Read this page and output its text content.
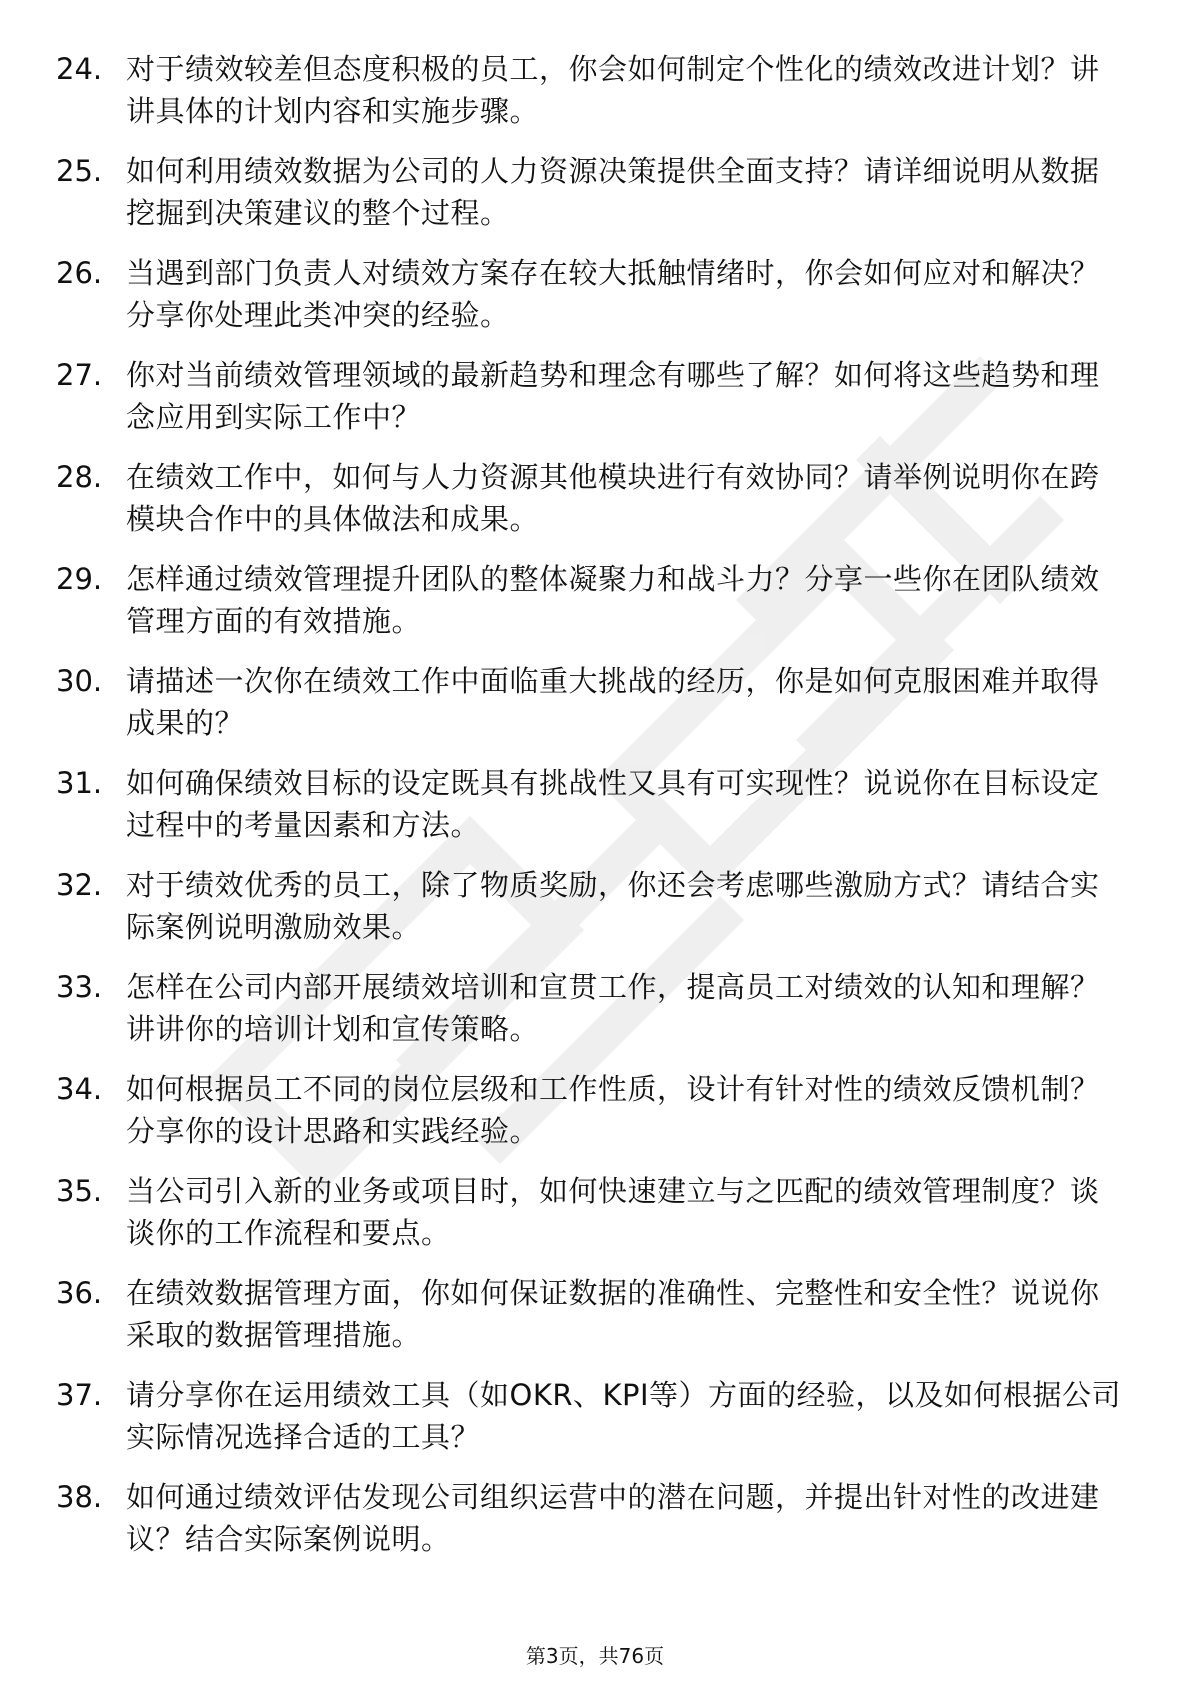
24. 对于绩效较差但态度积极的员工，你会如何制定个性化的绩效改进计划？讲讲具体的计划内容和实施步骤。
25. 如何利用绩效数据为公司的人力资源决策提供全面支持？请详细说明从数据挖掘到决策建议的整个过程。
26. 当遇到部门负责人对绩效方案存在较大抵触情绪时，你会如何应对和解决？分享你处理此类冲突的经验。
27. 你对当前绩效管理领域的最新趋势和理念有哪些了解？如何将这些趋势和理念应用到实际工作中？
28. 在绩效工作中，如何与人力资源其他模块进行有效协同？请举例说明你在跨模块合作中的具体做法和成果。
29. 怎样通过绩效管理提升团队的整体凝聚力和战斗力？分享一些你在团队绩效管理方面的有效措施。
30. 请描述一次你在绩效工作中面临重大挑战的经历，你是如何克服困难并取得成果的？
31. 如何确保绩效目标的设定既具有挑战性又具有可实现性？说说你在目标设定过程中的考量因素和方法。
32. 对于绩效优秀的员工，除了物质奖励，你还会考虑哪些激励方式？请结合实际案例说明激励效果。
33. 怎样在公司内部开展绩效培训和宣贯工作，提高员工对绩效的认知和理解？讲讲你的培训计划和宣传策略。
34. 如何根据员工不同的岗位层级和工作性质，设计有针对性的绩效反馈机制？分享你的设计思路和实践经验。
35. 当公司引入新的业务或项目时，如何快速建立与之匹配的绩效管理制度？谈谈你的工作流程和要点。
36. 在绩效数据管理方面，你如何保证数据的准确性、完整性和安全性？说说你采取的数据管理措施。
37. 请分享你在运用绩效工具（如OKR、KPI等）方面的经验，以及如何根据公司实际情况选择合适的工具？
38. 如何通过绩效评估发现公司组织运营中的潜在问题，并提出针对性的改进建议？结合实际案例说明。
第3页，共76页
